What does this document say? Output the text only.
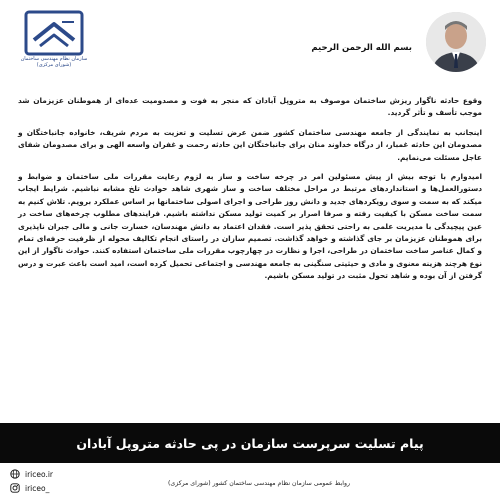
سازمان نظام مهندسی ساختمان
(شورای مرکزی)
بسم الله الرحمن الرحیم

وقوع حادثه ناگوار ریزش ساختمان موصوف به متروپل آبادان که منجر به فوت و مصدومیت عده‌ای از هموطنان عزیزمان شد موجب تأسف و تأثر گردید.

اینجانب به نمایندگی از جامعه مهندسی ساختمان کشور ضمن عرض تسلیت و تعزیت به مردم شریف، خانواده جانباختگان و مصدومان این حادثه غمبار، از درگاه خداوند منان برای جانباختگان این حادثه رحمت و غفران واسعه الهی و برای مصدومان شفای عاجل مسئلت می‌نمایم.

امیدوارم با توجه بیش از پیش مسئولین امر در چرخه ساخت و ساز به لزوم رعایت مقررات ملی ساختمان و ضوابط و دستورالعمل‌ها و استانداردهای مرتبط در مراحل مختلف ساخت و ساز شهری شاهد حوادث تلخ مشابه نباشیم. شرایط ایجاب میکند که به سمت و سوی رویکردهای جدید و دانش روز طراحی و اجرای اصولی ساختمانها بر اساس عملکرد برویم. تلاش کنیم به سمت ساخت مسکن با کیفیت رفته و صرفا اصرار بر کمیت تولید مسکن نداشته باشیم. فرایندهای مطلوب چرخه‌های ساخت در عین پیچیدگی با مدیریت علمی به راحتی تحقق پذیر است. فقدان اعتماد به دانش مهندسان، خسارت جانی و مالی جبران ناپذیری برای هموطنان عزیزمان بر جای گذاشته و خواهد گذاشت. تصمیم سازان در راستای انجام تکالیف محوله از ظرفیت حرفه‌ای تمام و کمال عناصر ساخت ساختمان در طراحی، اجرا و نظارت در چهارچوب مقررات ملی ساختمان استفاده کنند. حوادث ناگوار از این نوع هرچند هزینه معنوی و مادی و حیثیتی سنگینی به جامعه مهندسی و اجتماعی تحمیل کرده است، امید است باعث عبرت و درس گرفتن از آن بوده و شاهد تحول مثبت در تولید مسکن باشیم.

پیام تسلیت سرپرست سازمان در پی حادثه متروپل آبادان
iriceo.ir
iriceo_	روابط عمومی سازمان نظام مهندسی ساختمان کشور (شورای مرکزی)
